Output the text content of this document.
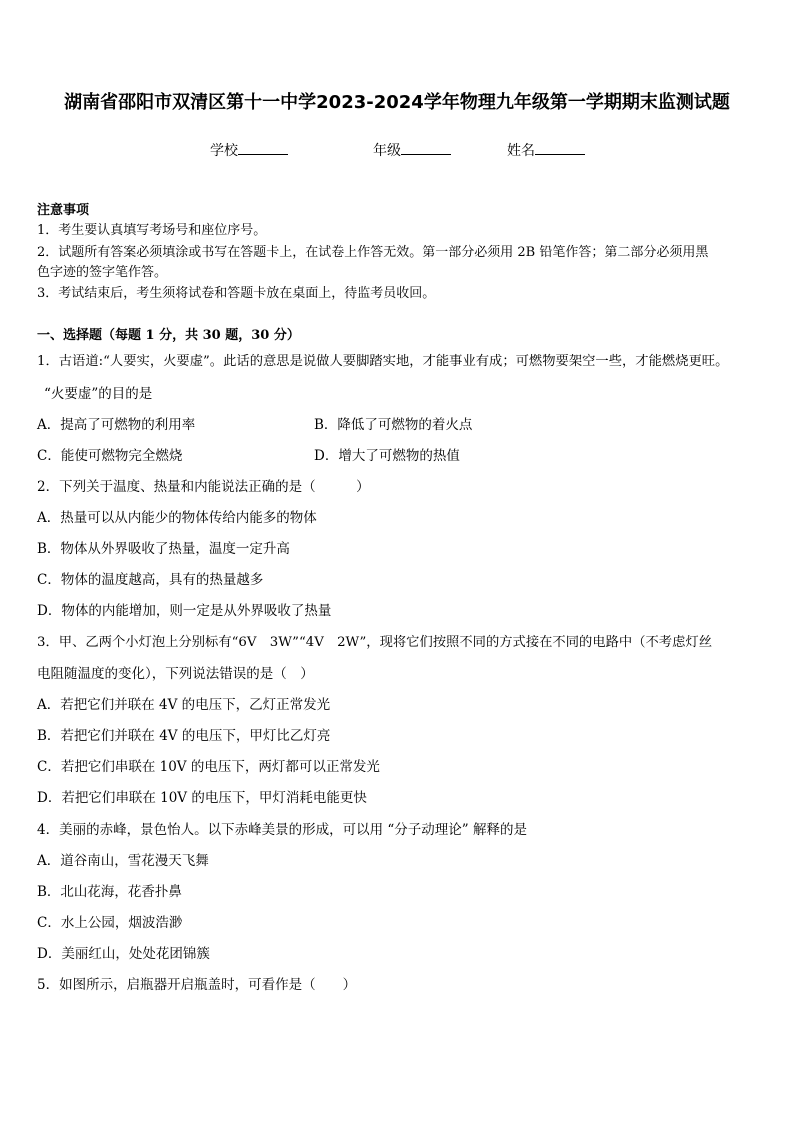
湖南省邵阳市双清区第十一中学2023-2024学年物理九年级第一学期期末监测试题
学校	年级	姓名
注意事项
1．考生要认真填写考场号和座位序号。
2．试题所有答案必须填涂或书写在答题卡上，在试卷上作答无效。第一部分必须用 2B 铅笔作答；第二部分必须用黑
色字迹的签字笔作答。
3．考试结束后，考生须将试卷和答题卡放在桌面上，待监考员收回。
一、选择题（每题 1 分，共 30 题，30 分）
1．古语道:“人要实，火要虚”。此话的意思是说做人要脚踏实地，才能事业有成；可燃物要架空一些，才能燃烧更旺。
“火要虚”的目的是
A．提高了可燃物的利用率	B．降低了可燃物的着火点
C．能使可燃物完全燃烧	D．增大了可燃物的热值
2．下列关于温度、热量和内能说法正确的是（　　　）
A．热量可以从内能少的物体传给内能多的物体
B．物体从外界吸收了热量，温度一定升高
C．物体的温度越高，具有的热量越多
D．物体的内能增加，则一定是从外界吸收了热量
3．甲、乙两个小灯泡上分别标有“6V　3W”“4V　2W”，现将它们按照不同的方式接在不同的电路中（不考虑灯丝
电阻随温度的变化），下列说法错误的是（　）
A．若把它们并联在 4V 的电压下，乙灯正常发光
B．若把它们并联在 4V 的电压下，甲灯比乙灯亮
C．若把它们串联在 10V 的电压下，两灯都可以正常发光
D．若把它们串联在 10V 的电压下，甲灯消耗电能更快
4．美丽的赤峰，景色怡人。以下赤峰美景的形成，可以用 “分子动理论” 解释的是
A．道谷南山，雪花漫天飞舞
B．北山花海，花香扑鼻
C．水上公园，烟波浩渺
D．美丽红山，处处花团锦簇
5．如图所示，启瓶器开启瓶盖时，可看作是（　　）
